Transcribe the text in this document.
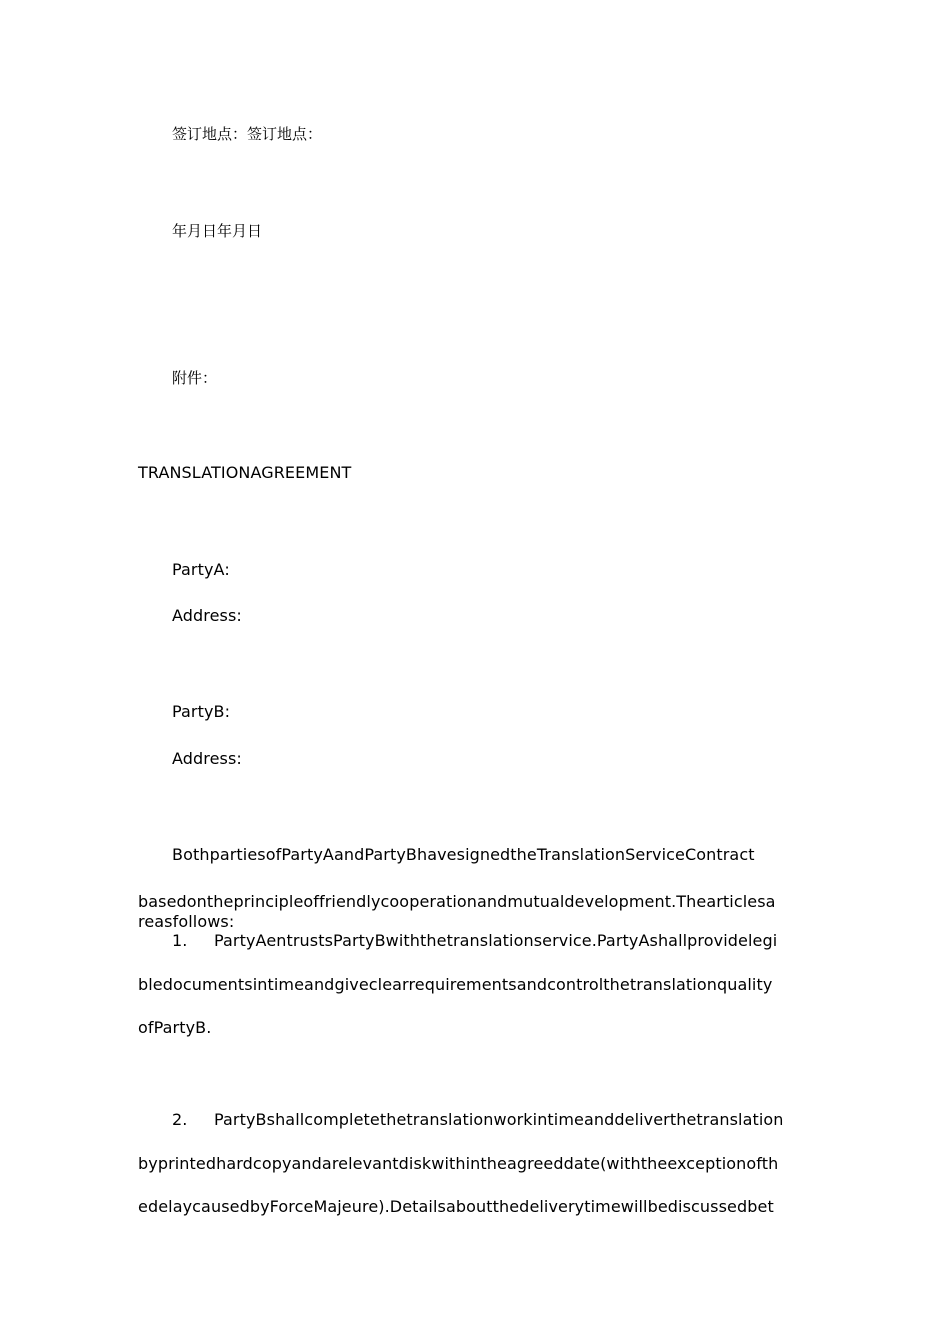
签订地点：签订地点：
年月日年月日
附件：
TRANSLATIONAGREEMENT
PartyA:
Address:
PartyB:
Address:
BothpartiesofPartyAandPartyBhavesignedtheTranslationServiceContract
basedontheprincipleoffriendlycooperationandmutualdevelopment.Thearticlesa
reasfollows:
1. PartyAentrustsPartyBwiththetranslationservice.PartyAshallprovidelegi
bledocumentsintimeandgiveclearrequirementsandcontrolthetranslationquality
ofPartyB.
2. PartyBshallcompletethetranslationworkintimeanddeliverthetranslation
byprintedhardcopyandarelevantdiskwithintheagreeddate(withtheexceptionofth
edelaycausedbyForceMajeure).Detailsaboutthedeliverytimewillbediscussedbet
